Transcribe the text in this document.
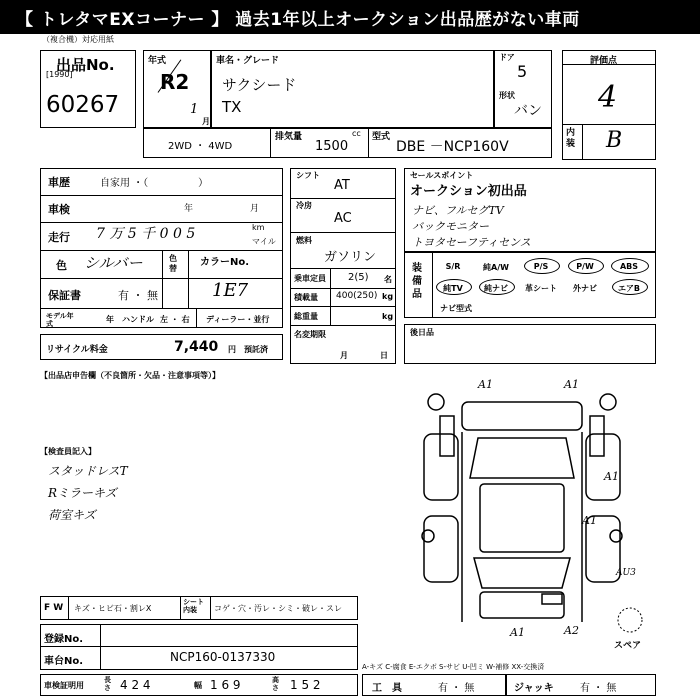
【 トレタマEXコーナー 】 過去1年以上オークション出品歴がない車両
（複合機）対応用紙
出品No.
[1990]
60267
年式
R2
1
月
車名・グレード
サクシード
TX
ドア
5
形状
バン
評価点
4
内装 B
2WD ・ 4WD
排気量	cc
1500
型式
DBE －NCP160V
車歴	自家用 ・（　　　　　）
車検	年	月
走行 7 万 5 千 0 0 5	km
マイル
色 シルバー	色替
カラーNo.
1E7
保証書	有 ・ 無
モデル年式	年 ハンドル 左 ・ 右 ディーラー・並行
リサイクル料金	7,440 円 預託済
シフト
AT
冷房
AC
燃料
ガソリン
乗車定員 2(5) 名
積載量 400(250) kg
総重量	kg
名変期限
月	日
セールスポイント
オークション初出品
ナビ、フルセグTV
バックモニター
トヨタセーフティセンス
装備品
S/R	純A/W	P/S	P/W	ABS
純TV	純ナビ	革シート	外ナビ	エアB
ナビ型式
後日品
【出品店申告欄（不良箇所・欠品・注意事項等）】
【検査員記入】
スタッドレスT
Rミラーキズ
荷室キズ
A1	A1
A1
A1
AU3
A1	A2
スペア
F W キズ・ヒビ石・割レX
シート内装	コゲ・穴・汚レ・シミ・破レ・スレ
登録No.
車台No.	NCP160-0137330
A-キズ C-腐食 E-エクボ S-サビ U-凹ミ W-補修 XX-交換済
車検証明用
長さ 4 2 4	幅 1 6 9	高さ 1 5 2	工　具	有 ・ 無	ジャッキ	有 ・ 無
